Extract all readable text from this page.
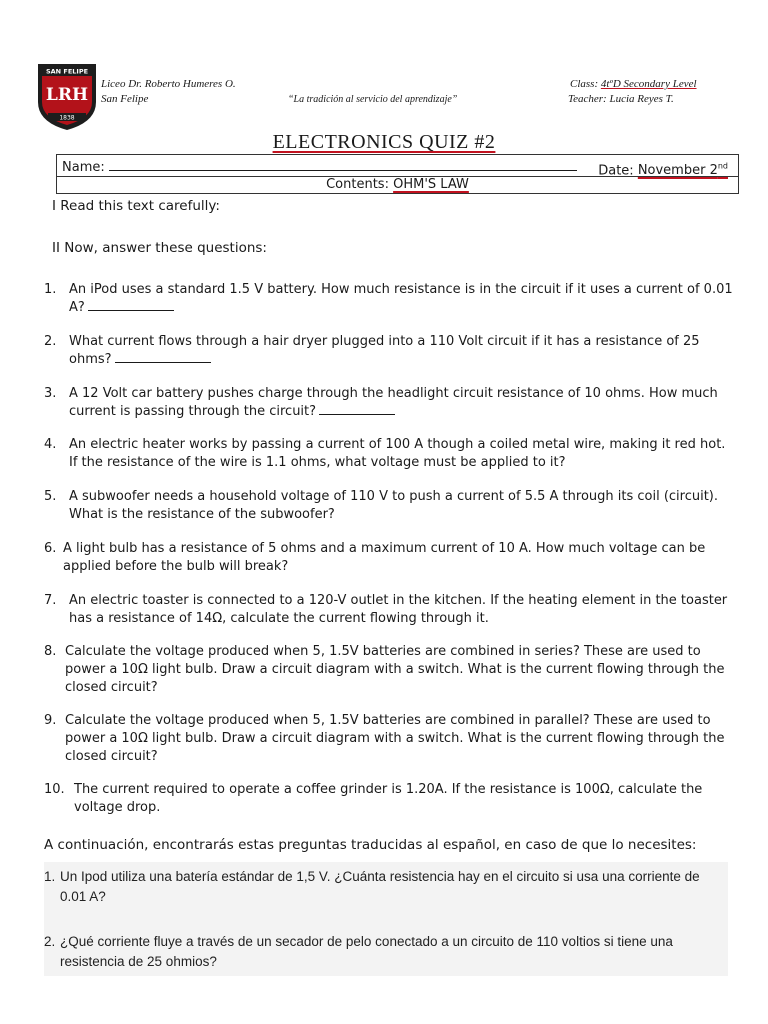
SAN FELIPE
LRH
1838
Liceo Dr. Roberto Humeres O.
San Felipe	“La tradición al servicio del aprendizaje”
Class: 4tºD Secondary Level
Teacher: Lucia Reyes T.
ELECTRONICS QUIZ #2
Name:	Date: November 2nd
Contents: OHM'S LAW
I Read this text carefully:
II Now, answer these questions:
1. An iPod uses a standard 1.5 V battery. How much resistance is in the circuit if it uses a current of 0.01 A?
2. What current flows through a hair dryer plugged into a 110 Volt circuit if it has a resistance of 25 ohms?
3. A 12 Volt car battery pushes charge through the headlight circuit resistance of 10 ohms. How much current is passing through the circuit?
4. An electric heater works by passing a current of 100 A though a coiled metal wire, making it red hot. If the resistance of the wire is 1.1 ohms, what voltage must be applied to it?
5. A subwoofer needs a household voltage of 110 V to push a current of 5.5 A through its coil (circuit). What is the resistance of the subwoofer?
6. A light bulb has a resistance of 5 ohms and a maximum current of 10 A. How much voltage can be applied before the bulb will break?
7. An electric toaster is connected to a 120-V outlet in the kitchen. If the heating element in the toaster has a resistance of 14Ω, calculate the current flowing through it.
8. Calculate the voltage produced when 5, 1.5V batteries are combined in series? These are used to power a 10Ω light bulb. Draw a circuit diagram with a switch. What is the current flowing through the closed circuit?
9. Calculate the voltage produced when 5, 1.5V batteries are combined in parallel? These are used to power a 10Ω light bulb. Draw a circuit diagram with a switch. What is the current flowing through the closed circuit?
10. The current required to operate a coffee grinder is 1.20A. If the resistance is 100Ω, calculate the voltage drop.
A continuación, encontrarás estas preguntas traducidas al español, en caso de que lo necesites:
1. Un Ipod utiliza una batería estándar de 1,5 V. ¿Cuánta resistencia hay en el circuito si usa una corriente de 0.01 A?
2. ¿Qué corriente fluye a través de un secador de pelo conectado a un circuito de 110 voltios si tiene una resistencia de 25 ohmios?
